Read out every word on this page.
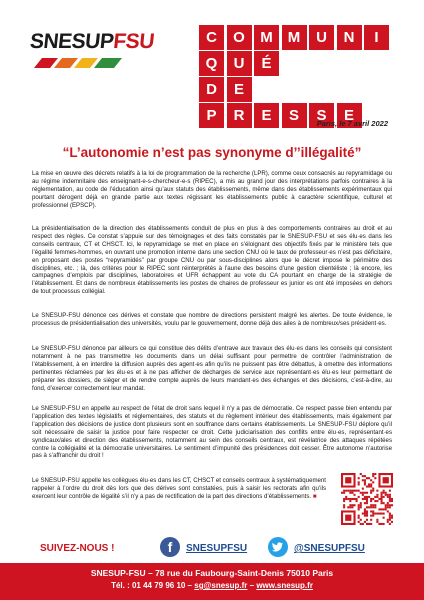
SNESUPFSU	C	O	M	M	U	N	I
Q	U	É
D	E
P	R	E	S	S	E
Paris, le 7 avril 2022
“L’autonomie n’est pas synonyme d’’illégalité”
La mise en œuvre des décrets relatifs à la loi de programmation de la recherche (LPR), comme ceux consacrés au repyramidage ou au régime indemnitaire des enseignant-e-s-chercheur-e-s (RIPEC), a mis au grand jour des interprétations parfois contraires à la réglementation, au code de l’éducation ainsi qu’aux statuts des établissements, même dans des établissements expérimentaux qui pourtant dérogent déjà en grande partie aux textes régissant les établissements public à caractère scientifique, culturel et professionnel (EPSCP).
La présidentialisation de la direction des établissements conduit de plus en plus à des comportements contraires au droit et au respect des règles. Ce constat s’appuie sur des témoignages et des faits constatés par le SNESUP-FSU et ses élu·es dans les conseils centraux, CT et CHSCT. Ici, le repyramidage se met en place en s’éloignant des objectifs fixés par le ministère tels que l’égalité femmes-hommes, en ouvrant une promotion interne dans une section CNU où le taux de professeur·es n’est pas déficitaire, en proposant des postes “repyramidés” par groupe CNU ou par sous-disciplines alors que le décret impose le périmètre des disciplines, etc. ; là, des critères pour le RIPEC sont réinterprétés à l’aune des besoins d’une gestion clientéliste ; là encore, les campagnes d’emplois par disciplines, laboratoires et UFR échappent au vote du CA pourtant en charge de la stratégie de l’établissement. Et dans de nombreux établissements les postes de chaires de professeur es junior es ont été imposées en dehors de tout processus collégial.
Le SNESUP-FSU dénonce ces dérives et constate que nombre de directions persistent malgré les alertes. De toute évidence, le processus de présidentialisation des universités, voulu par le gouvernement, donne déjà des ailes à de nombreux/ses président·es.
Le SNESUP-FSU dénonce par ailleurs ce qui constitue des délits d’entrave aux travaux des élu·es dans les conseils qui consistent notamment à ne pas transmettre les documents dans un délai suffisant pour permettre de contrôler l’administration de l’établissement, à en interdire la diffusion auprès des agent·es afin qu’ils ne puissent pas être débattus, à omettre des informations pertinentes réclamées par les élu·es et à ne pas afficher de décharges de service aux représentant·es élu·es leur permettant de préparer les dossiers, de siéger et de rendre compte auprès de leurs mandant·es des échanges et des décisions, c’est-à-dire, au fond, d’exercer correctement leur mandat.
Le SNESUP-FSU en appelle au respect de l’état de droit sans lequel il n’y a pas de démocratie. Ce respect passe bien entendu par l’application des textes législatifs et réglementaires, des statuts et du règlement intérieur des établissements, mais également par l’application des décisions de justice dont plusieurs sont en souffrance dans certains établissements. Le SNESUP-FSU déplore qu’il soit nécessaire de saisir la justice pour faire respecter ce droit. Cette judiciarisation des conflits entre élu·es, représentant·es syndicaux/ales et direction des établissements, notamment au sein des conseils centraux, est révélatrice des attaques répétées contre la collégialité et la démocratie universitaires. Le sentiment d’impunité des présidences doit cesser. Être autonome n’autorise pas à s’affranchir du droit !
Le SNESUP-FSU appelle les collègues élu·es dans les CT, CHSCT et conseils centraux à systématiquement rappeler à l’ordre du droit dès lors que des dérives sont constatées, puis à saisir les rectorats afin qu’ils exercent leur contrôle de légalité s’il n’y a pas de rectification de la part des directions d’établissements. ■
SUIVEZ-NOUS !	f	SNESUPFSU	@SNESUPFSU
SNESUP-FSU – 78 rue du Faubourg-Saint-Denis 75010 Paris
Tél. : 01 44 79 96 10 – sg@snesup.fr – www.snesup.fr
